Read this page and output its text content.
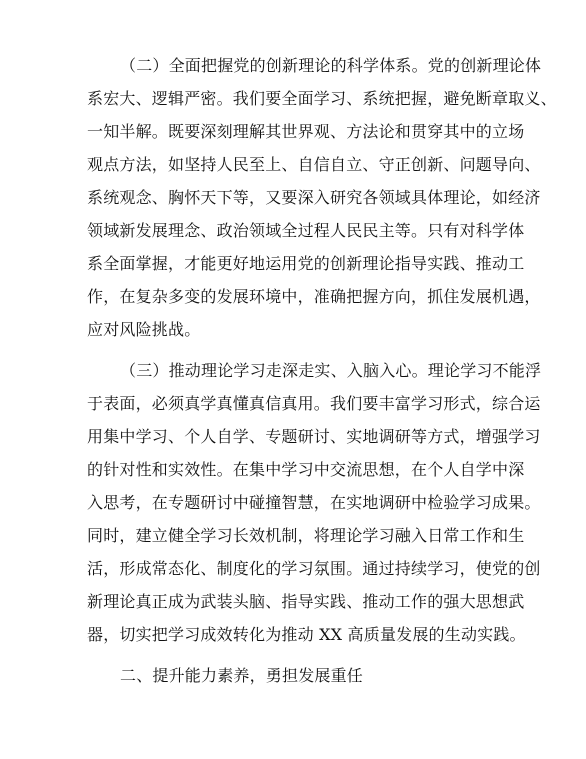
（二）全面把握党的创新理论的科学体系。党的创新理论体
系宏大、逻辑严密。我们要全面学习、系统把握，避免断章取义、
一知半解。既要深刻理解其世界观、方法论和贯穿其中的立场
观点方法，如坚持人民至上、自信自立、守正创新、问题导向、
系统观念、胸怀天下等，又要深入研究各领域具体理论，如经济
领域新发展理念、政治领域全过程人民民主等。只有对科学体
系全面掌握，才能更好地运用党的创新理论指导实践、推动工
作，在复杂多变的发展环境中，准确把握方向，抓住发展机遇，
应对风险挑战。
（三）推动理论学习走深走实、入脑入心。理论学习不能浮
于表面，必须真学真懂真信真用。我们要丰富学习形式，综合运
用集中学习、个人自学、专题研讨、实地调研等方式，增强学习
的针对性和实效性。在集中学习中交流思想，在个人自学中深
入思考，在专题研讨中碰撞智慧，在实地调研中检验学习成果。
同时，建立健全学习长效机制，将理论学习融入日常工作和生
活，形成常态化、制度化的学习氛围。通过持续学习，使党的创
新理论真正成为武装头脑、指导实践、推动工作的强大思想武
器，切实把学习成效转化为推动 XX 高质量发展的生动实践。
二、提升能力素养，勇担发展重任
